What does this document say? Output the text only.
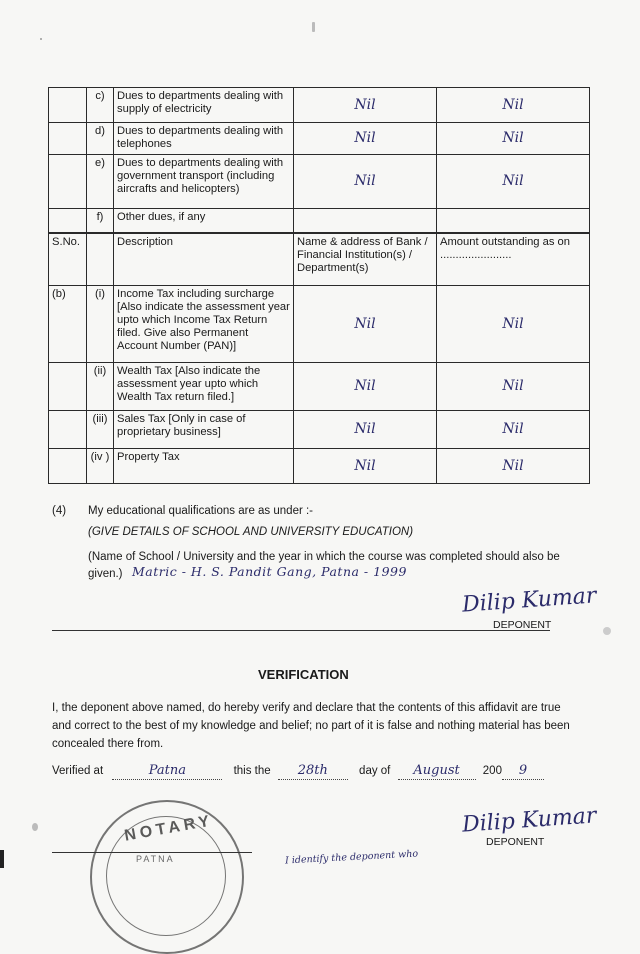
	c)	Dues to departments dealing with supply of electricity	Nil	Nil
	d)	Dues to departments dealing with telephones	Nil	Nil
	e)	Dues to departments dealing with government transport (including aircrafts and helicopters)	Nil	Nil
	f)	Other dues, if any		
S.No.		Description	Name & address of Bank / Financial Institution(s) / Department(s)	Amount outstanding as on .......................
(b)	(i)	Income Tax including surcharge [Also indicate the assessment year upto which Income Tax Return filed. Give also Permanent Account Number (PAN)]	Nil	Nil
	(ii)	Wealth Tax [Also indicate the assessment year upto which Wealth Tax return filed.]	Nil	Nil
	(iii)	Sales Tax [Only in case of proprietary business]	Nil	Nil
	(iv )	Property Tax	Nil	Nil
(4) My educational qualifications are as under :-
(GIVE DETAILS OF SCHOOL AND UNIVERSITY EDUCATION)
(Name of School / University and the year in which the course was completed should also be
given.) Matric - H. S. Pandit Gang, Patna - 1999
Dilip Kumar
DEPONENT
VERIFICATION
I, the deponent above named, do hereby verify and declare that the contents of this affidavit are true
and correct to the best of my knowledge and belief; no part of it is false and nothing material has been
concealed there from.
Verified at	Patna	this the 28th	day of August 200 9
Dilip Kumar
DEPONENT
NOTARY
PATNA	I identify the deponent who
